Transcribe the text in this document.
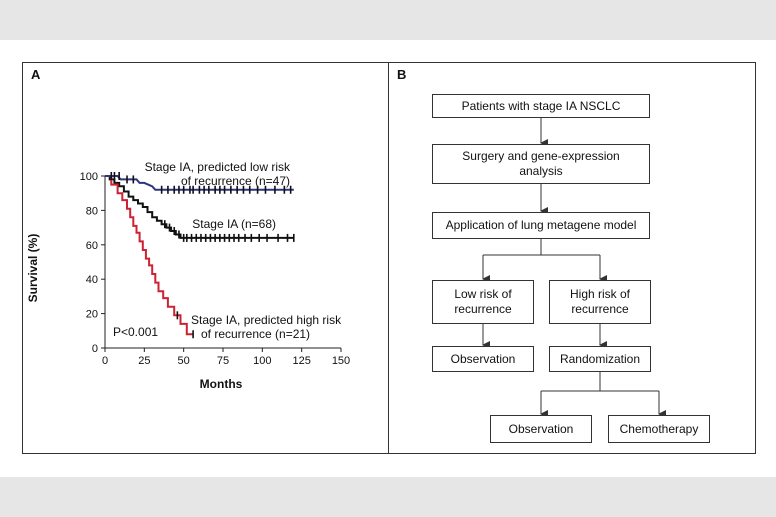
A
0
20
40
60
80
100
0	25 50 75 100 125 150
Survival (%)
Months
P<0.001
Stage IA, predicted low risk
of recurrence (n=47)
Stage IA (n=68)
Stage IA, predicted high risk
of recurrence (n=21)
B
Patients with stage IA NSCLC
Surgery and gene-expression analysis
Application of lung metagene model
Low risk of recurrence
High risk of recurrence
Observation	Randomization
Observation	Chemotherapy
